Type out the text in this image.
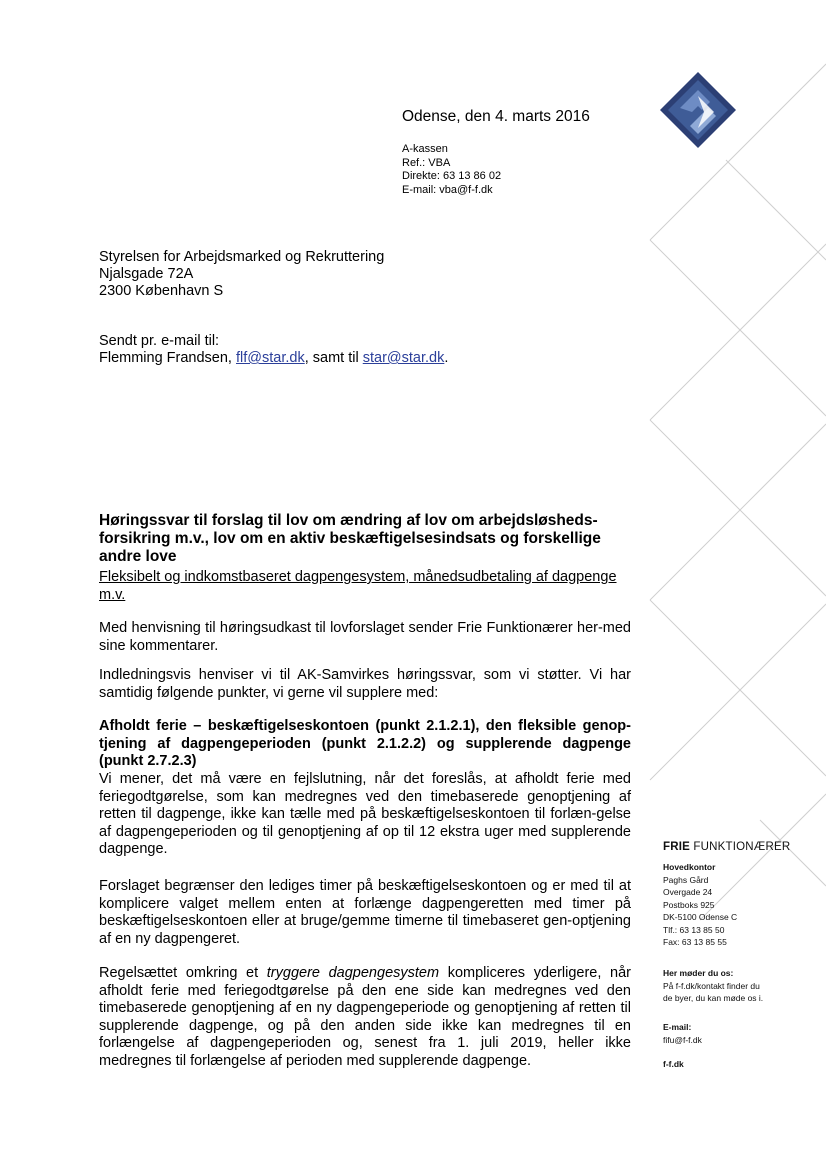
Odense, den 4. marts 2016
A-kassen
Ref.: VBA
Direkte: 63 13 86 02
E-mail: vba@f-f.dk
Styrelsen for Arbejdsmarked og Rekruttering
Njalsgade 72A
2300 København S
Sendt pr. e-mail til:
Flemming Frandsen, flf@star.dk, samt til star@star.dk.
Høringssvar til forslag til lov om ændring af lov om arbejdsløsheds-forsikring m.v., lov om en aktiv beskæftigelsesindsats og forskellige andre love
Fleksibelt og indkomstbaseret dagpengesystem, månedsudbetaling af dagpenge m.v.
Med henvisning til høringsudkast til lovforslaget sender Frie Funktionærer her-med sine kommentarer.
Indledningsvis henviser vi til AK-Samvirkes høringssvar, som vi støtter. Vi har samtidig følgende punkter, vi gerne vil supplere med:
Afholdt ferie – beskæftigelseskontoen (punkt 2.1.2.1), den fleksible genop-tjening af dagpengeperioden (punkt 2.1.2.2) og supplerende dagpenge (punkt 2.7.2.3)
Vi mener, det må være en fejlslutning, når det foreslås, at afholdt ferie med feriegodtgørelse, som kan medregnes ved den timebaserede genoptjening af retten til dagpenge, ikke kan tælle med på beskæftigelseskontoen til forlæn-gelse af dagpengeperioden og til genoptjening af op til 12 ekstra uger med supplerende dagpenge.
Forslaget begrænser den lediges timer på beskæftigelseskontoen og er med til at komplicere valget mellem enten at forlænge dagpengeretten med timer på beskæftigelseskontoen eller at bruge/gemme timerne til timebaseret gen-optjening af en ny dagpengeret.
Regelsættet omkring et tryggere dagpengesystem kompliceres yderligere, når afholdt ferie med feriegodtgørelse på den ene side kan medregnes ved den timebaserede genoptjening af en ny dagpengeperiode og genoptjening af retten til supplerende dagpenge, og på den anden side ikke kan medregnes til en forlængelse af dagpengeperioden og, senest fra 1. juli 2019, heller ikke medregnes til forlængelse af perioden med supplerende dagpenge.
FRIE FUNKTIONÆRER
Hovedkontor
Paghs Gård
Overgade 24
Postboks 925
DK-5100 Odense C
Tlf.: 63 13 85 50
Fax: 63 13 85 55
Her møder du os:
På f-f.dk/kontakt finder du
de byer, du kan møde os i.
E-mail:
fifu@f-f.dk
f-f.dk
